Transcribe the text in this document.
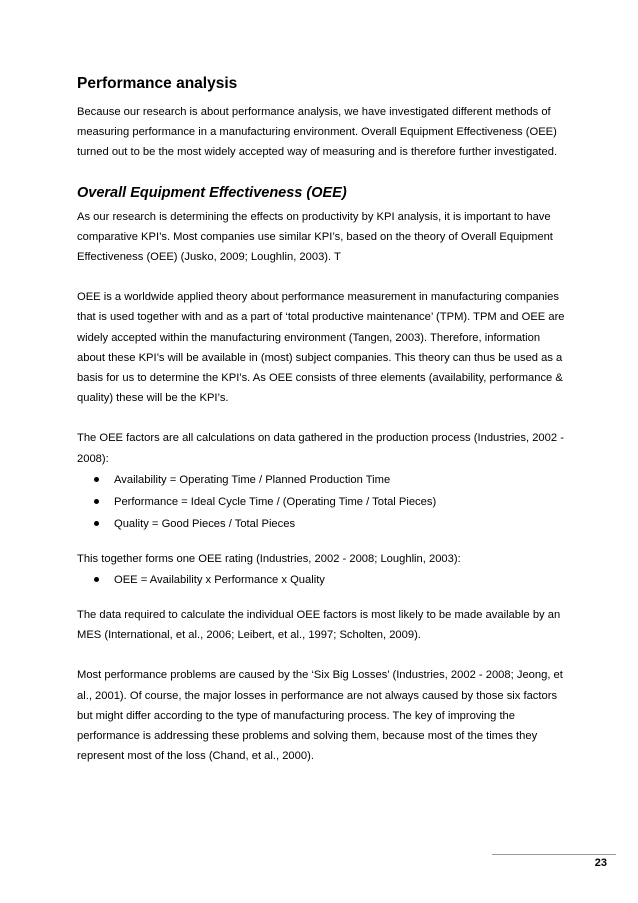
Performance analysis

Because our research is about performance analysis, we have investigated different methods of measuring performance in a manufacturing environment. Overall Equipment Effectiveness (OEE) turned out to be the most widely accepted way of measuring and is therefore further investigated.

Overall Equipment Effectiveness (OEE)

As our research is determining the effects on productivity by KPI analysis, it is important to have comparative KPI’s. Most companies use similar KPI’s, based on the theory of Overall Equipment Effectiveness (OEE) (Jusko, 2009; Loughlin, 2003). T

OEE is a worldwide applied theory about performance measurement in manufacturing companies that is used together with and as a part of ‘total productive maintenance’ (TPM). TPM and OEE are widely accepted within the manufacturing environment (Tangen, 2003). Therefore, information about these KPI’s will be available in (most) subject companies. This theory can thus be used as a basis for us to determine the KPI’s. As OEE consists of three elements (availability, performance & quality) these will be the KPI’s.

The OEE factors are all calculations on data gathered in the production process (Industries, 2002 - 2008):

Availability = Operating Time / Planned Production Time
Performance = Ideal Cycle Time / (Operating Time / Total Pieces)
Quality = Good Pieces / Total Pieces

This together forms one OEE rating (Industries, 2002 - 2008; Loughlin, 2003):

OEE = Availability x Performance x Quality

The data required to calculate the individual OEE factors is most likely to be made available by an MES (International, et al., 2006; Leibert, et al., 1997; Scholten, 2009).

Most performance problems are caused by the ‘Six Big Losses’ (Industries, 2002 - 2008; Jeong, et al., 2001). Of course, the major losses in performance are not always caused by those six factors but might differ according to the type of manufacturing process. The key of improving the performance is addressing these problems and solving them, because most of the times they represent most of the loss (Chand, et al., 2000).

23
